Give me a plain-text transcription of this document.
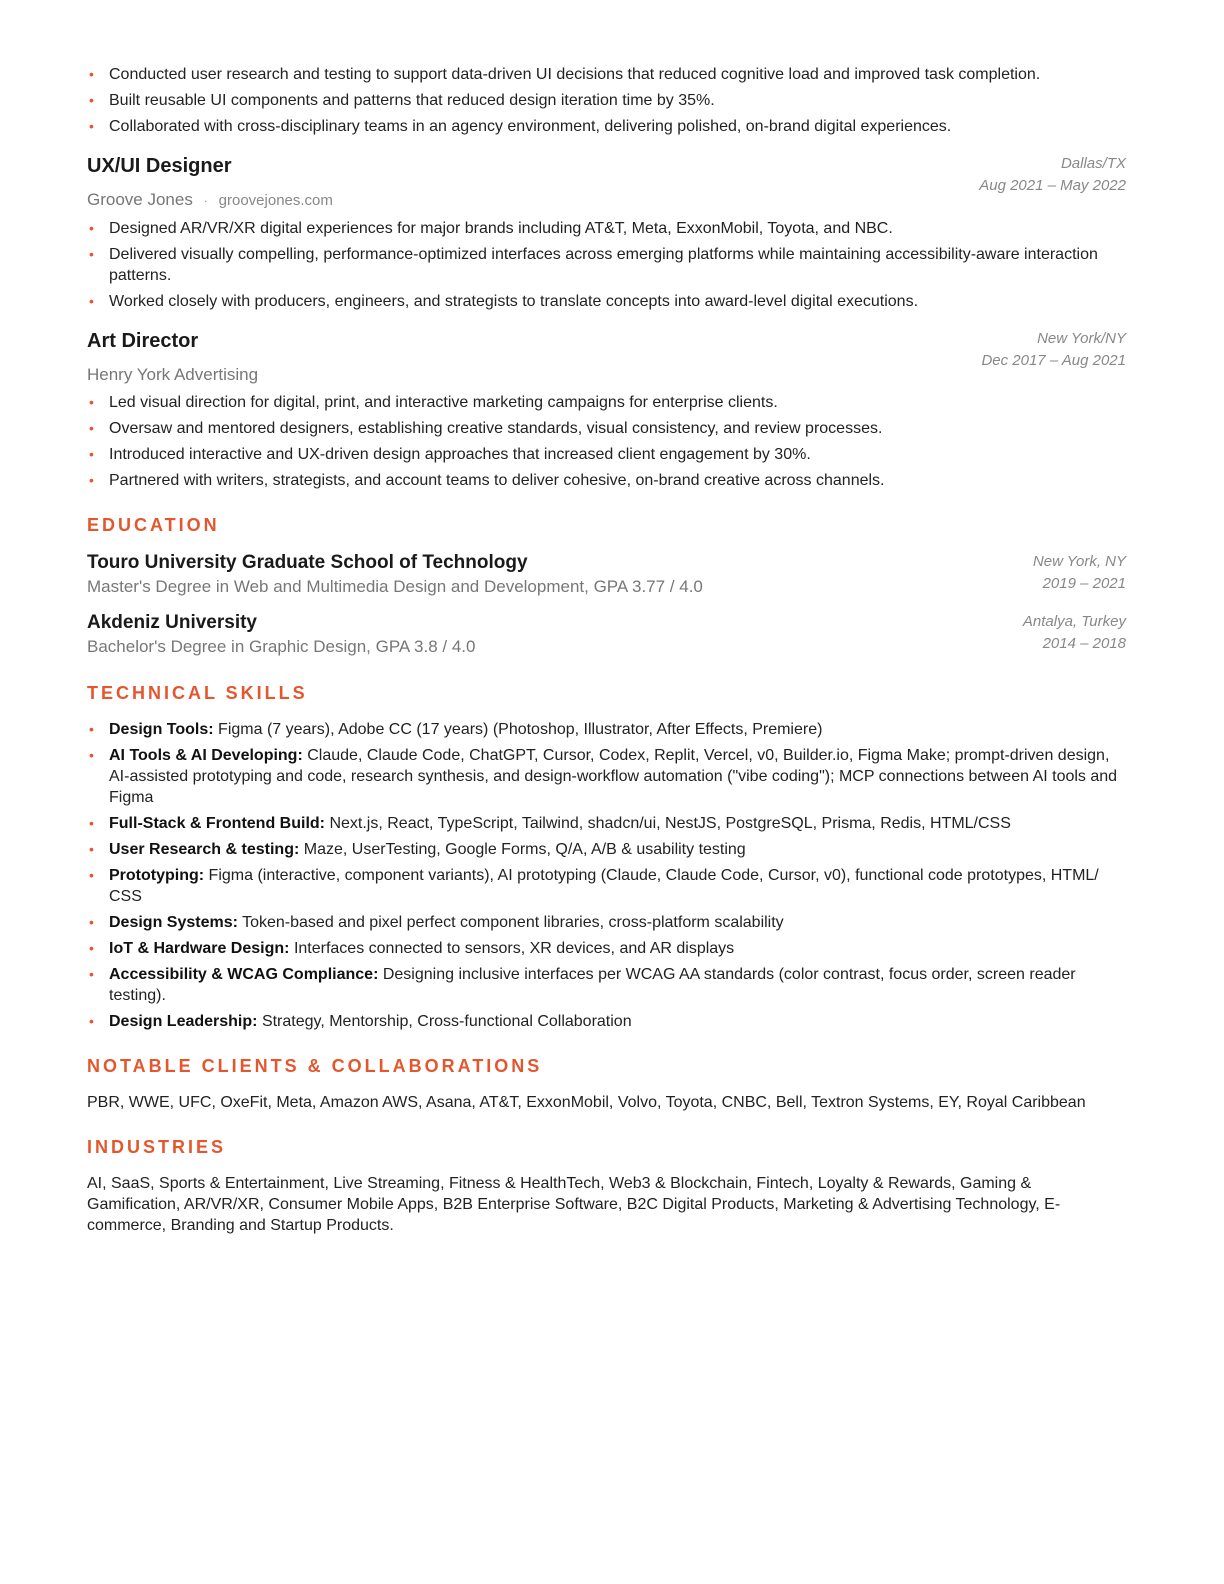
• Conducted user research and testing to support data-driven UI decisions that reduced cognitive load and improved task completion.
• Built reusable UI components and patterns that reduced design iteration time by 35%.
• Collaborated with cross-disciplinary teams in an agency environment, delivering polished, on-brand digital experiences.
UX/UI Designer	Dallas/TX
Aug 2021 – May 2022
Groove Jones · groovejones.com
• Designed AR/VR/XR digital experiences for major brands including AT&T, Meta, ExxonMobil, Toyota, and NBC.
• Delivered visually compelling, performance-optimized interfaces across emerging platforms while maintaining accessibility-aware interaction patterns.
• Worked closely with producers, engineers, and strategists to translate concepts into award-level digital executions.
Art Director	New York/NY
Dec 2017 – Aug 2021
Henry York Advertising
• Led visual direction for digital, print, and interactive marketing campaigns for enterprise clients.
• Oversaw and mentored designers, establishing creative standards, visual consistency, and review processes.
• Introduced interactive and UX-driven design approaches that increased client engagement by 30%.
• Partnered with writers, strategists, and account teams to deliver cohesive, on-brand creative across channels.
EDUCATION
Touro University Graduate School of Technology
Master's Degree in Web and Multimedia Design and Development, GPA 3.77 / 4.0
New York, NY
2019 – 2021
Akdeniz University
Bachelor's Degree in Graphic Design, GPA 3.8 / 4.0
Antalya, Turkey
2014 – 2018
TECHNICAL SKILLS
• Design Tools: Figma (7 years), Adobe CC (17 years) (Photoshop, Illustrator, After Effects, Premiere)
• AI Tools & AI Developing: Claude, Claude Code, ChatGPT, Cursor, Codex, Replit, Vercel, v0, Builder.io, Figma Make; prompt-driven design, AI-assisted prototyping and code, research synthesis, and design-workflow automation ("vibe coding"); MCP connections between AI tools and Figma
• Full-Stack & Frontend Build: Next.js, React, TypeScript, Tailwind, shadcn/ui, NestJS, PostgreSQL, Prisma, Redis, HTML/CSS
• User Research & testing: Maze, UserTesting, Google Forms, Q/A, A/B & usability testing
• Prototyping: Figma (interactive, component variants), AI prototyping (Claude, Claude Code, Cursor, v0), functional code prototypes, HTML/ CSS
• Design Systems: Token-based and pixel perfect component libraries, cross-platform scalability
• IoT & Hardware Design: Interfaces connected to sensors, XR devices, and AR displays
• Accessibility & WCAG Compliance: Designing inclusive interfaces per WCAG AA standards (color contrast, focus order, screen reader testing).
• Design Leadership: Strategy, Mentorship, Cross-functional Collaboration
NOTABLE CLIENTS & COLLABORATIONS
PBR, WWE, UFC, OxeFit, Meta, Amazon AWS, Asana, AT&T, ExxonMobil, Volvo, Toyota, CNBC, Bell, Textron Systems, EY, Royal Caribbean
INDUSTRIES
AI, SaaS, Sports & Entertainment, Live Streaming, Fitness & HealthTech, Web3 & Blockchain, Fintech, Loyalty & Rewards, Gaming & Gamification, AR/VR/XR, Consumer Mobile Apps, B2B Enterprise Software, B2C Digital Products, Marketing & Advertising Technology, E-commerce, Branding and Startup Products.
